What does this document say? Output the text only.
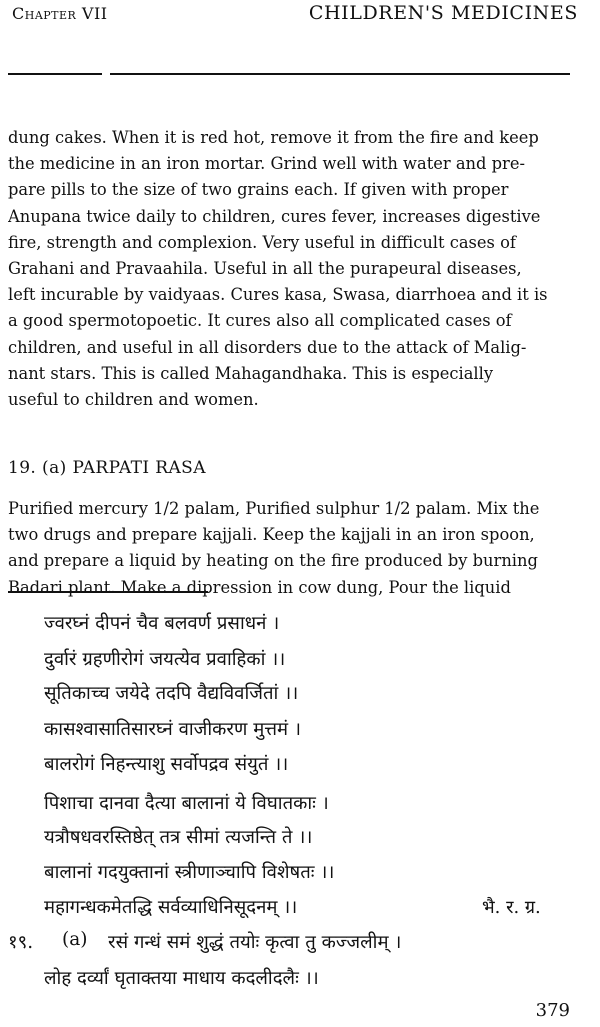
Chapter VII	CHILDREN'S MEDICINES
dung cakes. When it is red hot, remove it from the fire and keep
the medicine in an iron mortar. Grind well with water and pre-
pare pills to the size of two grains each. If given with proper
Anupana twice daily to children, cures fever, increases digestive
fire, strength and complexion. Very useful in difficult cases of
Grahani and Pravaahila. Useful in all the purapeural diseases,
left incurable by vaidyaas. Cures kasa, Swasa, diarrhoea and it is
a good spermotopoetic. It cures also all complicated cases of
children, and useful in all disorders due to the attack of Malig-
nant stars. This is called Mahagandhaka. This is especially
useful to children and women.
19. (a) PARPATI RASA
Purified mercury 1/2 palam, Purified sulphur 1/2 palam. Mix the
two drugs and prepare kajjali. Keep the kajjali in an iron spoon,
and prepare a liquid by heating on the fire produced by burning
Badari plant. Make a dipression in cow dung, Pour the liquid
ज्वरघ्नं दीपनं चैव बलवर्ण प्रसाधनं ।
दुर्वारं ग्रहणीरोगं जयत्येव प्रवाहिकां ।।
सूतिकाच्च जयेदे तदपि वैद्यविवर्जितां ।।
कासश्वासातिसारघ्नं वाजीकरण मुत्तमं ।
बालरोगं निहन्त्याशु सर्वोपद्रव संयुतं ।।
पिशाचा दानवा दैत्या बालानां ये विघातकाः ।
यत्रौषधवरस्तिष्ठेत् तत्र सीमां त्यजन्ति ते ।।
बालानां गदयुक्तानां स्त्रीणाञ्चापि विशेषतः ।।
महागन्धकमेतद्धि सर्वव्याधिनिसूदनम् ।।	भै. र. ग्र.
१९. (a) रसं गन्धं समं शुद्धं तयोः कृत्वा तु कज्जलीम् ।
लोह दर्व्यां घृताक्तया माधाय कदलीदलैः ।।
379
